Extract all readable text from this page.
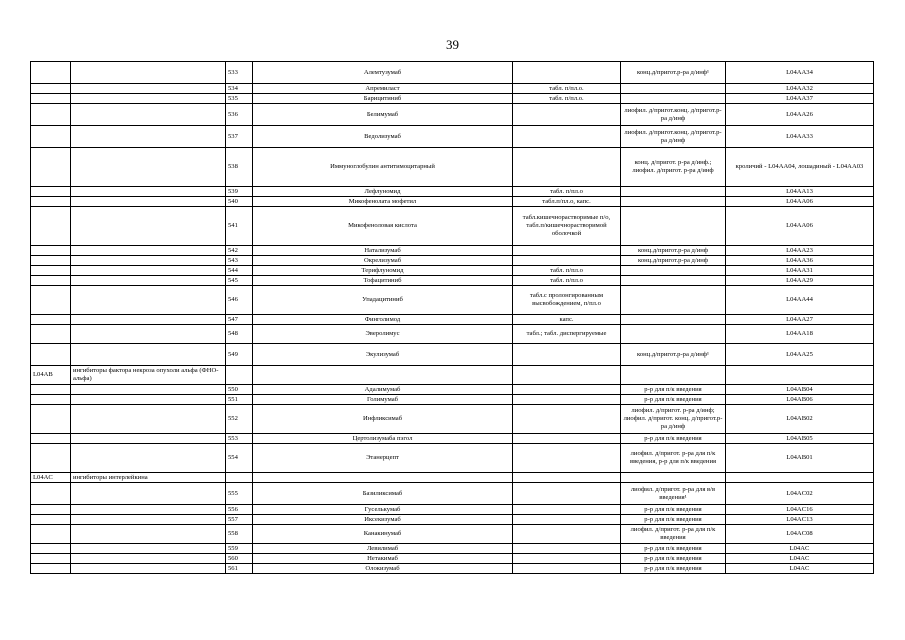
39
		533	Алемтузумаб		конц.д/пригот.р-ра д/инф¹	L04AA34
		534	Апремиласт	табл. п/пл.о.		L04AA32
		535	Барицитиниб	табл. п/пл.о.		L04AA37
		536	Белимумаб		лиофил. д/пригот.конц. д/пригот.р-ра д/инф	L04AA26
		537	Ведолизумаб		лиофил. д/пригот.конц. д/пригот.р-ра д/инф	L04AA33
		538	Иммуноглобулин антитимоцитарный		конц. д/пригот. р-ра д/инф.; лиофил. д/пригот. р-ра д/инф	кроличий - L04AA04, лошадиный - L04AA03
		539	Лефлуномид	табл. п/пл.о		L04AA13
		540	Микофенолата мофетил	табл.п/пл.о, капс.		L04AA06
		541	Микофеноловая кислота	табл.кишечнорастворимые п/о, табл.п/кишечнорастворимой оболочкой		L04AA06
		542	Натализумаб		конц.д/пригот.р-ра д/инф	L04AA23
		543	Окрелизумаб		конц.д/пригот.р-ра д/инф	L04AA36
		544	Терифлуномид	табл. п/пл.о		L04AA31
		545	Тофацитиниб	табл. п/пл.о		L04AA29
		546	Упадацитиниб	табл.с пролонгированным высвобождением, п/пл.о		L04AA44
		547	Финголимод	капс.		L04AA27
		548	Эверолимус	табл.; табл. диспергируемые		L04AA18
		549	Экулизумаб		конц.д/пригот.р-ра д/инф¹	L04AA25
L04AB	ингибиторы фактора некроза опухоли альфа (ФНО-альфа)					
		550	Адалимумаб		р-р для п/к введения	L04AB04
		551	Голимумаб		р-р для п/к введения	L04AB06
		552	Инфликсимаб		лиофил. д/пригот. р-ра д/инф; лиофил. д/пригот. конц. д/пригот.р-ра д/инф	L04AB02
		553	Цертолизумаба пэгол		р-р для п/к введения	L04AB05
		554	Этанерцепт		лиофил. д/пригот. р-ра для п/к введения, р-р для п/к введения	L04AB01
L04AC	ингибиторы интерлейкина					
		555	Базиликсимаб		лиофил. д/пригот. р-ра для в/в введения¹	L04AC02
		556	Гуселькумаб		р-р для п/к введения	L04AC16
		557	Иксекизумаб		р-р для п/к введения	L04AC13
		558	Канакинумаб		лиофил. д/пригот. р-ра для п/к введения	L04AC08
		559	Левилимаб		р-р для п/к введения	L04AC
		560	Нетакимаб		р-р для п/к введения	L04AC
		561	Олокизумаб		р-р для п/к введения	L04AC
